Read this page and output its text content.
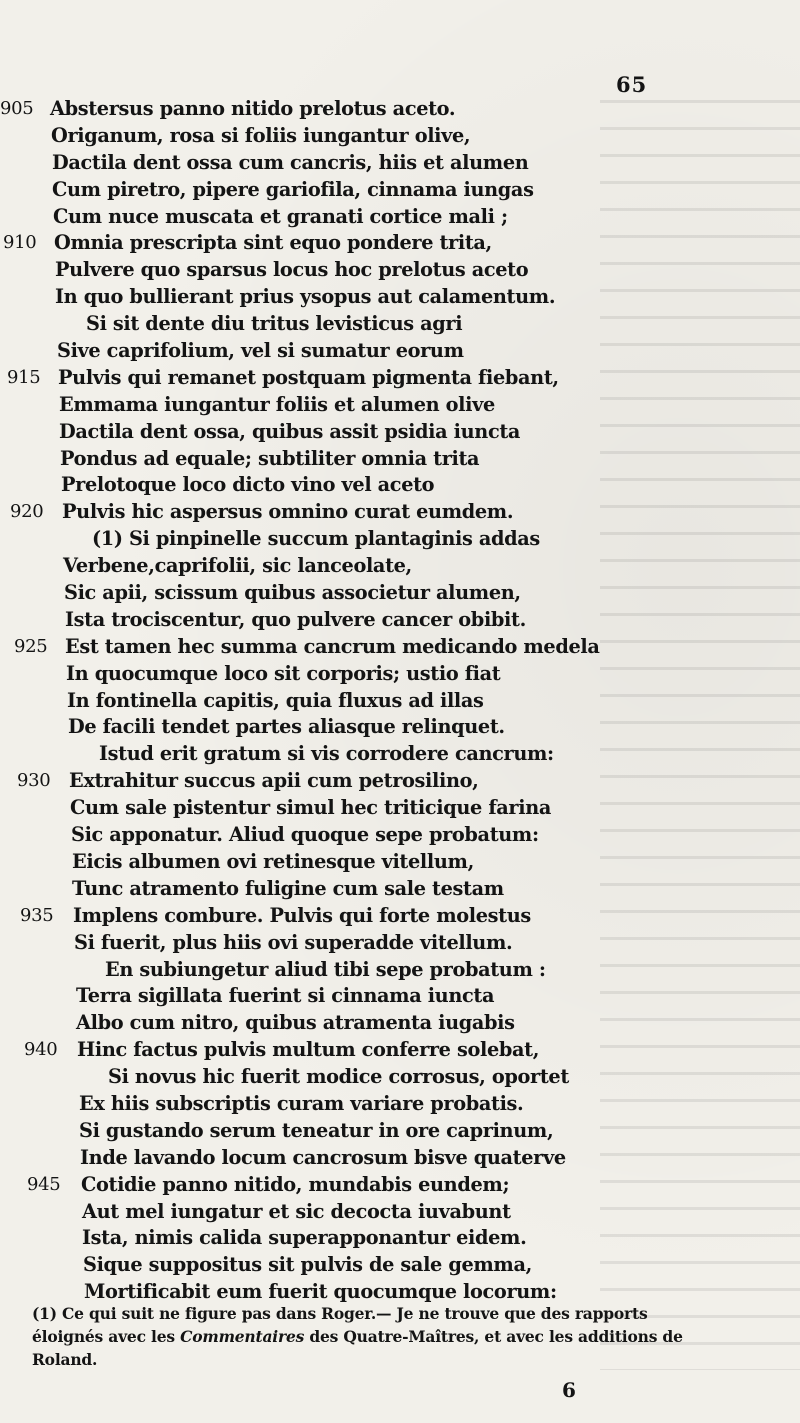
65
905 Abstersus panno nitido prelotus aceto.
Origanum, rosa si foliis iungantur olive,
Dactila dent ossa cum cancris, hiis et alumen
Cum piretro, pipere gariofila, cinnama iungas
Cum nuce muscata et granati cortice mali ;
910 Omnia prescripta sint equo pondere trita,
Pulvere quo sparsus locus hoc prelotus aceto
In quo bullierant prius ysopus aut calamentum.
Si sit dente diu tritus levisticus agri
Sive caprifolium, vel si sumatur eorum
915 Pulvis qui remanet postquam pigmenta fiebant,
Emmama iungantur foliis et alumen olive
Dactila dent ossa, quibus assit psidia iuncta
Pondus ad equale; subtiliter omnia trita
Prelotoque loco dicto vino vel aceto
920 Pulvis hic aspersus omnino curat eumdem.
(1) Si pinpinelle succum plantaginis addas
Verbene,caprifolii, sic lanceolate,
Sic apii, scissum quibus associetur alumen,
Ista trociscentur, quo pulvere cancer obibit.
925 Est tamen hec summa cancrum medicando medela
In quocumque loco sit corporis; ustio fiat
In fontinella capitis, quia fluxus ad illas
De facili tendet partes aliasque relinquet.
Istud erit gratum si vis corrodere cancrum:
930 Extrahitur succus apii cum petrosilino,
Cum sale pistentur simul hec triticique farina
Sic apponatur. Aliud quoque sepe probatum:
Eicis albumen ovi retinesque vitellum,
Tunc atramento fuligine cum sale testam
935	Implens combure. Pulvis qui forte molestus
Si fuerit, plus hiis ovi superadde vitellum.
En subiungetur aliud tibi sepe probatum :
Terra sigillata fuerint si cinnama iuncta
Albo cum nitro, quibus atramenta iugabis
940	Hinc factus pulvis multum conferre solebat,
Si novus hic fuerit modice corrosus, oportet
Ex hiis subscriptis curam variare probatis.
Si gustando serum teneatur in ore caprinum,
Inde lavando locum cancrosum bisve quaterve
945	Cotidie panno nitido, mundabis eundem;
Aut mel iungatur et sic decocta iuvabunt
Ista, nimis calida superapponantur eidem.
Sique suppositus sit pulvis de sale gemma,
Mortificabit eum fuerit quocumque locorum:
(1) Ce qui suit ne figure pas dans Roger.— Je ne trouve que des rapports
éloignés avec les Commentaires des Quatre-Maîtres, et avec les additions de
Roland.
6
